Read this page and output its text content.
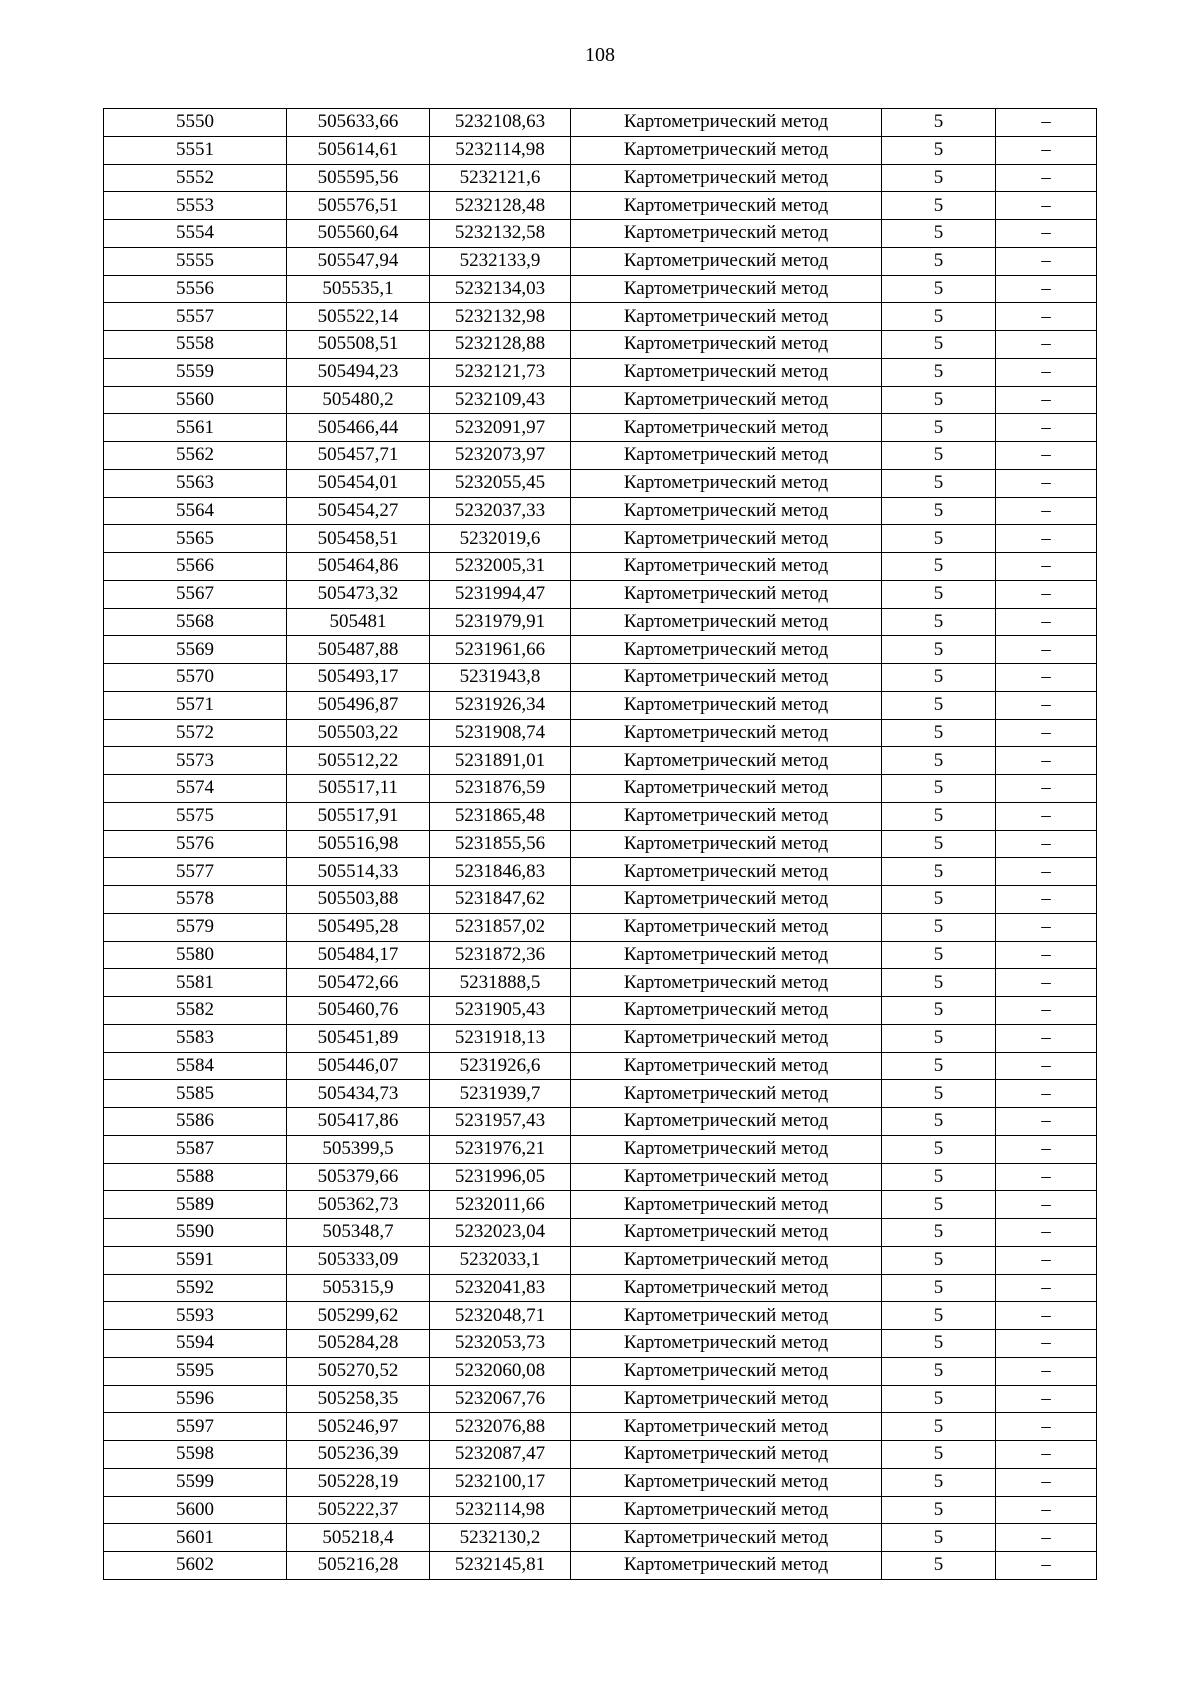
108
5550	505633,66	5232108,63	Картометрический метод	5	–
5551	505614,61	5232114,98	Картометрический метод	5	–
5552	505595,56	5232121,6	Картометрический метод	5	–
5553	505576,51	5232128,48	Картометрический метод	5	–
5554	505560,64	5232132,58	Картометрический метод	5	–
5555	505547,94	5232133,9	Картометрический метод	5	–
5556	505535,1	5232134,03	Картометрический метод	5	–
5557	505522,14	5232132,98	Картометрический метод	5	–
5558	505508,51	5232128,88	Картометрический метод	5	–
5559	505494,23	5232121,73	Картометрический метод	5	–
5560	505480,2	5232109,43	Картометрический метод	5	–
5561	505466,44	5232091,97	Картометрический метод	5	–
5562	505457,71	5232073,97	Картометрический метод	5	–
5563	505454,01	5232055,45	Картометрический метод	5	–
5564	505454,27	5232037,33	Картометрический метод	5	–
5565	505458,51	5232019,6	Картометрический метод	5	–
5566	505464,86	5232005,31	Картометрический метод	5	–
5567	505473,32	5231994,47	Картометрический метод	5	–
5568	505481	5231979,91	Картометрический метод	5	–
5569	505487,88	5231961,66	Картометрический метод	5	–
5570	505493,17	5231943,8	Картометрический метод	5	–
5571	505496,87	5231926,34	Картометрический метод	5	–
5572	505503,22	5231908,74	Картометрический метод	5	–
5573	505512,22	5231891,01	Картометрический метод	5	–
5574	505517,11	5231876,59	Картометрический метод	5	–
5575	505517,91	5231865,48	Картометрический метод	5	–
5576	505516,98	5231855,56	Картометрический метод	5	–
5577	505514,33	5231846,83	Картометрический метод	5	–
5578	505503,88	5231847,62	Картометрический метод	5	–
5579	505495,28	5231857,02	Картометрический метод	5	–
5580	505484,17	5231872,36	Картометрический метод	5	–
5581	505472,66	5231888,5	Картометрический метод	5	–
5582	505460,76	5231905,43	Картометрический метод	5	–
5583	505451,89	5231918,13	Картометрический метод	5	–
5584	505446,07	5231926,6	Картометрический метод	5	–
5585	505434,73	5231939,7	Картометрический метод	5	–
5586	505417,86	5231957,43	Картометрический метод	5	–
5587	505399,5	5231976,21	Картометрический метод	5	–
5588	505379,66	5231996,05	Картометрический метод	5	–
5589	505362,73	5232011,66	Картометрический метод	5	–
5590	505348,7	5232023,04	Картометрический метод	5	–
5591	505333,09	5232033,1	Картометрический метод	5	–
5592	505315,9	5232041,83	Картометрический метод	5	–
5593	505299,62	5232048,71	Картометрический метод	5	–
5594	505284,28	5232053,73	Картометрический метод	5	–
5595	505270,52	5232060,08	Картометрический метод	5	–
5596	505258,35	5232067,76	Картометрический метод	5	–
5597	505246,97	5232076,88	Картометрический метод	5	–
5598	505236,39	5232087,47	Картометрический метод	5	–
5599	505228,19	5232100,17	Картометрический метод	5	–
5600	505222,37	5232114,98	Картометрический метод	5	–
5601	505218,4	5232130,2	Картометрический метод	5	–
5602	505216,28	5232145,81	Картометрический метод	5	–
